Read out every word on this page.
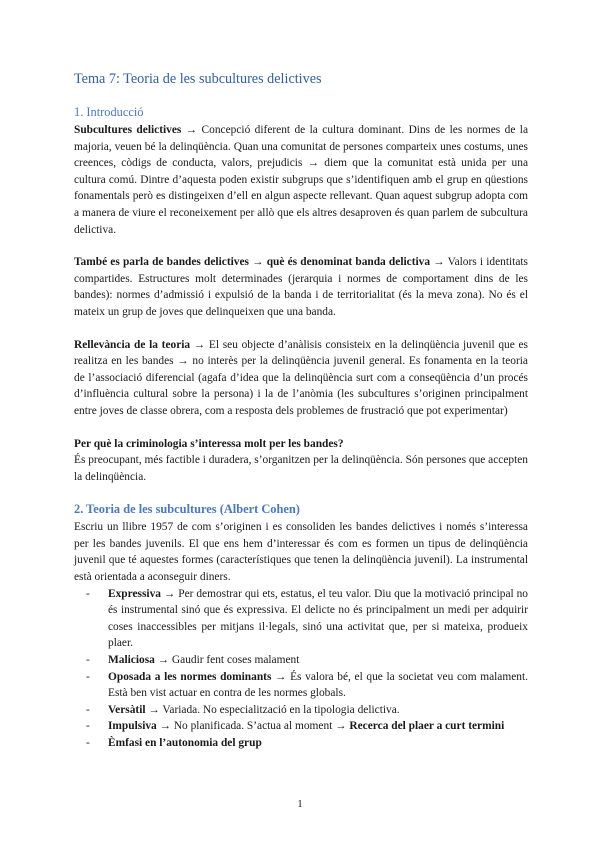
Tema 7: Teoria de les subcultures delictives
1. Introducció

Subcultures delictives → Concepció diferent de la cultura dominant. Dins de les normes de la majoria, veuen bé la delinqüència. Quan una comunitat de persones comparteix unes costums, unes creences, còdigs de conducta, valors, prejudicis → diem que la comunitat està unida per una cultura comú. Dintre d’aquesta poden existir subgrups que s’identifiquen amb el grup en qüestions fonamentals però es distingeixen d’ell en algun aspecte rellevant. Quan aquest subgrup adopta com a manera de viure el reconeixement per allò que els altres desaproven és quan parlem de subcultura delictiva.

També es parla de bandes delictives → què és denominat banda delictiva → Valors i identitats compartides. Estructures molt determinades (jerarquia i normes de comportament dins de les bandes): normes d’admissió i expulsió de la banda i de territorialitat (és la meva zona). No és el mateix un grup de joves que delinqueixen que una banda.

Rellevància de la teoria → El seu objecte d’anàlisis consisteix en la delinqüència juvenil que es realitza en les bandes → no interès per la delinqüència juvenil general. Es fonamenta en la teoria de l’associació diferencial (agafa d’idea que la delinqüència surt com a conseqüència d’un procés d’influència cultural sobre la persona) i la de l’anòmia (les subcultures s’originen principalment entre joves de classe obrera, com a resposta dels problemes de frustració que pot experimentar)

Per què la criminologia s’interessa molt per les bandes?

És preocupant, més factible i duradera, s’organitzen per la delinqüència. Són persones que accepten la delinqüència.

2. Teoria de les subcultures (Albert Cohen)

Escriu un llibre 1957 de com s’originen i es consoliden les bandes delictives i només s’interessa per les bandes juvenils. El que ens hem d’interessar és com es formen un tipus de delinqüència juvenil que té aquestes formes (característiques que tenen la delinqüència juvenil). La instrumental està orientada a aconseguir diners.

- Expressiva → Per demostrar qui ets, estatus, el teu valor. Diu que la motivació principal no és instrumental sinó que és expressiva. El delicte no és principalment un medi per adquirir coses inaccessibles per mitjans il·legals, sinó una activitat que, per si mateixa, produeix plaer.
- Maliciosa → Gaudir fent coses malament
- Oposada a les normes dominants → És valora bé, el que la societat veu com malament. Està ben vist actuar en contra de les normes globals.
- Versàtil → Variada. No especialització en la tipologia delictiva.
- Impulsiva → No planificada. S’actua al moment → Recerca del plaer a curt termini
- Èmfasi en l’autonomia del grup
1
